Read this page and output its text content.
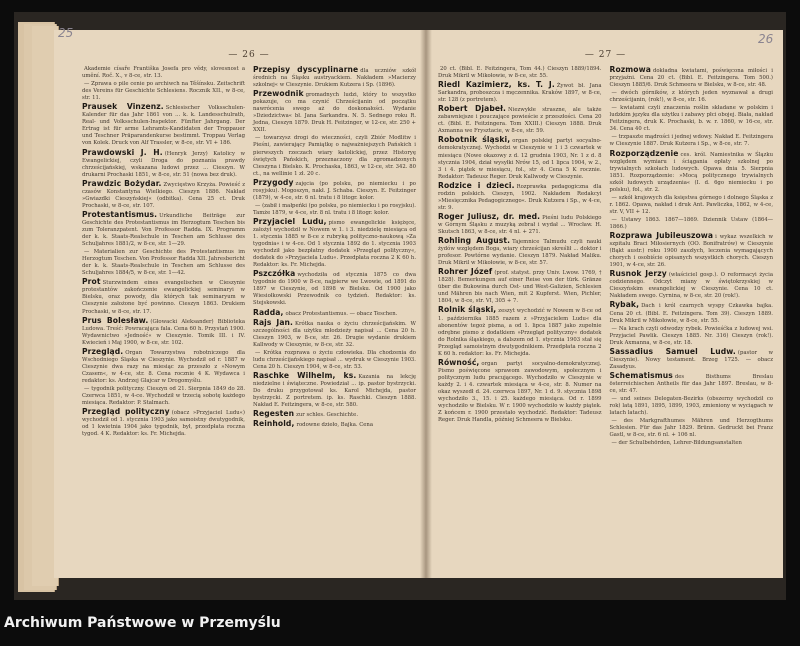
— 26 —
Akademie císaře Františka Josefa pro vědy, slovesnost a umění. Roč. X., v 8-ce, str. 13.
— Zprawa o pile cenie po archiwch na Těšínsku. Zeitschrift des Vereins für Geschichte Schlesiens. Rocznik XII., w 8-ce, str. 11.
Prausek Vinzenz. Schlesischer Volksschulen-Kalender für das Jahr 1861 von ... k. k. Landesschulrath, Real- und Volksschulen-Inspektor. Fünfter Jahrgang. Der Ertrag ist für arme Lehramts-Kandidaten der Troppauer und Teschner Präparandenkurse bestimmt. Troppau Verlag von Kolek. Druck von Alf Trassler, w 8-ce, str. VI + 186.
Prawdowski J. H. (Henryk Jerzy) Katolicy w Ewangelickiej, czyli Droga do poznania prawdy chrześcijańskiej, wskazana ludowi przez ... Cieszyn. W drukarni Prochaski 1851, w 8-ce, str. 51 (nowa bez druk).
Prawdzic Bożydar. Zwycięstwo Krzyża. Powieść z czasów Konstantyna Wielkiego. Cieszyn 1886. Nakład »Gwiazdki Cieszyńskiej« (odbitka). Cena 25 ct. Druk Prochaski, w 8-ce, str. 107.
Protestantismus. Urkundliche Beiträge zur Geschichte des Protestantismus im Herzogtum Teschen bis zum Toleranzpatent. Von Professor Radda. IX. Programm der k. k. Staats-Realschule in Teschen am Schlusse des Schuljahres 1881/2, w 8-ce, str. 1—29.
— Materialien zur Geschichte des Protestantismus im Herzogtum Teschen. Von Professor Radda XII. Jahresbericht der k. k. Staats-Realschule in Teschen am Schlusse des Schuljahres 1884/5, w 8-ce, str. 1—42.
Prot Sturzwindem eines evangelischen w Cieszynie protestantów zakończenie ewangelickiej seminaryi w Bielsku, oraz powody, dla których tak seminaryum w Cieszynie założone być powinno. Cieszyn 1863. Drukiem Prochaski, w 8-ce, str. 17.
Prus Bolesław. (Głowacki Aleksander) Biblioteka Ludowa. Treść: Powracająca fala. Cena 60 h. Przystań 1900. Wydawnictwo »Jedność« w Cieszynie. Tomik III. i IV. Kwiecień i Maj 1900, w 8-ce, str. 102.
Przegląd. Organ Towarzystwa robotniczego dla Wschodniego Śląska w Cieszynie. Wychodził od r. 1887 w Cieszynie dwa razy na miesiąc za przeszło z »Nowym Czasem«, w 4-ce, str. 8. Cena rocznie 4 K. Wydawca i redaktor: ks. Andrzej Glajcar w Drogomyślu.
— tygodnik polityczny. Cieszyn od 21. Sierpnia 1849 do 28. Czerwca 1851, w 4-ce. Wychodził w trzecią sobotę każdego miesiąca. Redaktor: P. Stalmach.
Przegląd polityczny (obacz »Przyjaciel Ludu«) wychodził od 1. stycznia 1903 jako samoistny dwutygodnik, od 1 kwietnia 1904 jako tygodnik, był, przedpłata roczna tygod. 4 K. Redaktor: ks. Fr. Michejda.
Przepisy dyscyplinarne dla uczniów szkół średnich na Śląsku austryackiem. Nakładem »Macierzy szkolnej« w Cieszynie. Drukiem Kutzera i Sp. (1896).
Przewodnik gromadnych ludzi, który to wszystko pokazuje, co ma czynić Chrześcijanin od początku nawrócenia swego aż do doskonałości. Wydanie »Dziedzictwa« bł. Jana Sarkandra. N. 5. Sednego roku R. Jedna, Cieszyn 1879. Druk H. Feitzinger, w 12-ce, str. 250 + XXII.
— towarzysz drogi do wieczności, czyli Zbiór Modlitw i Pieśni, zawierający Pamiątkę o najważniejszych Pańskich i pierwszych rzeczach wiary katolickiej, przez Historyę świętych Pańskich, przeznaczony dla zgromadzonych Cieszyna i Bielsko. K. Prochaska, 1863, w 12-ce, str. 342. 80 ct., na wellinie 1 zł. 20 c.
Przygody zajęcia (po polsku, po niemiecku i po rosyjsku). Mogoszyn, nakł. J. Schaba. Cieszyn. E. Feitzinger (1879), w 4-ce, str. 6 nl. tratu i 8 litogr. kolor.
— (zabił i małpeńki (po polsku, po niemiecku i po rosyjsku). Tamże 1879, w 4-ce, str. 8 nl. tratu i 8 litogr. kolor.
Przyjaciel Ludu, pismo ewangelickie księżęce, założył wychodził w Nowem w 1. i 3. niedzielę miesiąca od 1. stycznia 1885 w 8-ce z rubryką polityczno-naukową »Za tygodnia« i w 4-ce. Od 1 stycznia 1892 do 1. stycznia 1903 wychodził jako bezpłatny dodatek »Przegląd polityczny«, dodatek do »Przyjaciela Ludu«. Przedpłata roczna 2 K 60 h. Redaktor: ks. Fr. Michejda.
Pszczółka wychodziła od stycznia 1875 co dwa tygodnie do 1900 w 8-ce, najpierw we Lwowie, od 1891 do 1897 w Cieszynie, od 1898 w Bielsku. Od 1900 jako Wiesiołkowski Przewodnik co tydzień. Redaktor: ks. Stejskowski.
Radda, obacz Protestantismus. — obacz Teschen.
Rajs Jan. Krótka nauka o życiu chrześcijańskim. W szczególności dla użytku młodzieży napisał ... Cena 20 h. Cieszyn 1903, w 8-ce, str. 26. Drugie wydanie drukiem Kallwody w Cieszynie, w 8-ce, str. 32.
— Krótka rozprawa o życiu człowieka. Dla chodzenia do ludu chrześcijańskiego napisał ... wydruk w Cieszynie 1903. Cena 20 h. Cieszyn 1904, w 8-ce, str. 53.
Raschke Wilhelm, ks. Kazania na lekcję niedzielne i świąteczne. Powiedział ... ip. pastor bystrzycki. Do druku przygotował ks. Karol Michejda, pastor bystrzycki. Z portretem. ip. ks. Raschki. Cieszyn 1888. Nakład E. Feitzingera, w 8-ce, str. 580.
Regesten zur schles. Geschichte.
Reinhold, rodowne dzieło, Bajka. Cena
— 27 —
20 ct. (Bibl. E. Feitzingera, Tom 44.) Cieszyn 1889/1894. Druk Mikril w Mikołowie, w 8-ce, str. 55.
Riedl Kazimierz, ks. T. J. Żywot bł. Jana Sarkandra, proboszcza i męczennika. Kraków 1897, w 8-ce, str. 128 (z portretem).
Robert Djabeł. Niezwykłe straszne, ale także zabawniejsze i pouczające powieście z przeszłości. Cena 20 ct. (Bibl. E. Feitzingera. Tom XXIII.) Cieszyn 1888. Druk Axmanna we Frysztacie, w 8-ce, str. 59.
Robotnik śląski, organ polskiej partyi socyalno-demokratycznej. Wychodzi w Cieszynie w 1 i 3 czwartek w miesiącu (Nowe okazowy z d. 12 grudnia 1903, Nr. 1 z d. 8 stycznia 1904, dział wysyłki Nrów 15, od 1 lipca 1904, w 2., 3 i 4. piątek w miesiącu, fol., str 4. Cena 5 K rocznie. Redaktor: Tadeusz Reger. Druk Kallwody w Cieszynie.
Rodzice i dzieci. Rozprawka pedagogiczna dla rodzin polskich. Cieszyn, 1902. Nakładem Redakcyi »Miesięcznika Pedagogicznego«. Druk Kutzera i Sp., w 4-ce, str. 9.
Roger Juliusz, dr. med. Pieśni ludu Polskiego w Górnym Śląsku z muzyką zebrał i wydał ... Wrocław. H. Skutsch 1863, w 8-ce, str. 4 nl. + 271.
Rohling August. Tajemnice Talmudu czyli nauki żydów względem Boga, wiary chrześcijan skreślił ... doktor i profesor. Powtórne wydanie. Cieszyn 1879. Nakład Maliku. Druk Mikril w Mikołowie, w 8-ce, str. 57.
Rohrer Józef (prof. statyst. przy Univ. Lwow. 1769, † 1828). Bemerkungen auf einer Reise von der türk. Gränze über die Bukowina durch Ost- und West-Galizien, Schlesien und Mähren bis nach Wien, mit 2 Kupferst. Wien, Pichler, 1804, w 8-ce, str. VI, 305 + 7.
Rolnik śląski, zeszyt wychodzić w Nowem w 8-ce od 1. października 1885 razem z »Przyjacielem Ludu« dla abonentów tegoż pisma, a od 1. lipca 1887 jako zupełnie odrębne pismo z dodatkiem »Przegląd polityczny« dodatek do Rolnika śląskiego, a dalszem od 1. stycznia 1903 stał się Przegląd samoistnym dwutygodnikiem. Przedpłata roczna 2 K 60 h. redaktor: ks. Fr. Michejda.
Równość, organ partyi socyalno-demokratycznej. Pismo poświęcone sprawom zawodowym, społecznym i politycznym ludu pracującego. Wychodziło w Cieszynie w każdy 2. i 4. czwartek miesiąca w 4-ce, str. 8. Numer na okaz wyszedł d. 24. czerwca 1897, Nr. 1 d. 9. stycznia 1898 wychodziło 3., 15. i 25. każdego miesiąca. Od r. 1899 wychodziło w Bielsku. W r. 1900 wychodziło w każdy piątek. Z końcem r. 1900 przestało wychodzić. Redaktor: Tadeusz Reger. Druk Handla, później Schmeera w Bielsku.
Rozmowa dokładna kwiatami, poświęcona miłości i przyjaźni. Cena 20 ct. (Bibl. E. Feitzingera. Tom 500.) Cieszyn 1885/6. Druk Schmeera w Bielsku, w 8-ce, str. 48.
— dwóch górników, z których jeden wyznawał a drugi chrześcijanin, (rok!), w 8-ce, str. 16.
— kwiatami czyli znaczenia roślin składane w polskim i ludzkim języku dla użytku i zabawy płci obojej. Biała, nakład Feitzingera, druk K. Prochaski, b. w. r. 1860, w 16-ce, str. 34. Cena 40 ct.
— trzpaszte mądrości i jednej wdowy. Nakład E. Feitzingera w Cieszynie 1887. Druk Kutzera i Sp., w 8-ce, str. 7.
Rozporządzenie ces. król. Namiestnika w Ślązku względem wymiaru i ściągania opłaty szkolnej po trywialnych szkołach ludowych. Opawa dnia 5. Sierpnia 1851. Rozporządzenie: »Mocą politycznego trywialnych szkół ludowych urządzenia« (I. d. 6go niemiecku i po polsku), fol., str. 2.
— szkół krajowych dla księstwa górnego i dolnego Śląska z r. 1862. Opawa, nakład i druk Ant. Pawliczka, 1862, w 4-ce, str. V, VII + 12.
— Ustawy 1863. 1867—1869. Dziennik Ustaw (1864—1866.)
Rozprawa Jubileuszowa i wykaz wszelkich w szpitalu Braci Miłosiernych (OO. Bonifratrów) w Cieszynie (Bąkt austr.) roku 1900 zaszłych, leczenia wymagających chorych i osobiście opisanych wszystkich chorych. Cieszyn 1901, w 4-ce, str. 26.
Rusnok Jerzy (właściciel gosp.). O reformacyi życia codziennego. Odczyt miany w świętokrzyskiej w Cieszyńskim ewangelickiej w Cieszynie. Cena 10 ct. Nakładem swego. Cyrnina, w 8-ce, str. 20 (rok!).
Rybak, Dach i król czarnych wyspy Czkawka bajka. Cena 20 ct. (Bibl. E. Feitzingera. Tom 39). Cieszyn 1889. Druk Mikril w Mikołowie, w 8-ce, str. 55.
— Na krach czyli odwodzy rybek. Powieśćka z ludowej wsi. Przyjaciel Pawlik. Cieszyn 1885. Nr. 316) Cieszyn (rok!). Druk Axmanna, w 8-ce, str. 18.
Sassadius Samuel Ludw. (pastor w Cieszynie). Nowy testament. Brzeg 1725. — obacz Zasadyus.
Schematismus des Bisthums Breslau österreichischen Antheils für das Jahr 1897. Breslau, w 8-ce, str. 47.
— und seines Delegaten-Bezirks (obszerny wychodził co rok) latą 1891, 1895, 1899, 1903, zmieniony w wyciągach w latach latach).
— des Markgrafthumes Mähren und Herzogthums Schlesien. Für das Jahr 1829. Brünn. Gedruckt bei Franz Gastl, w 8-ce, str. 6 nl. + 106 nl.
— der Schulbehörden, Lehrer-Bildungsanstalten
25	26
Archiwum Państwowe w Przemyślu
